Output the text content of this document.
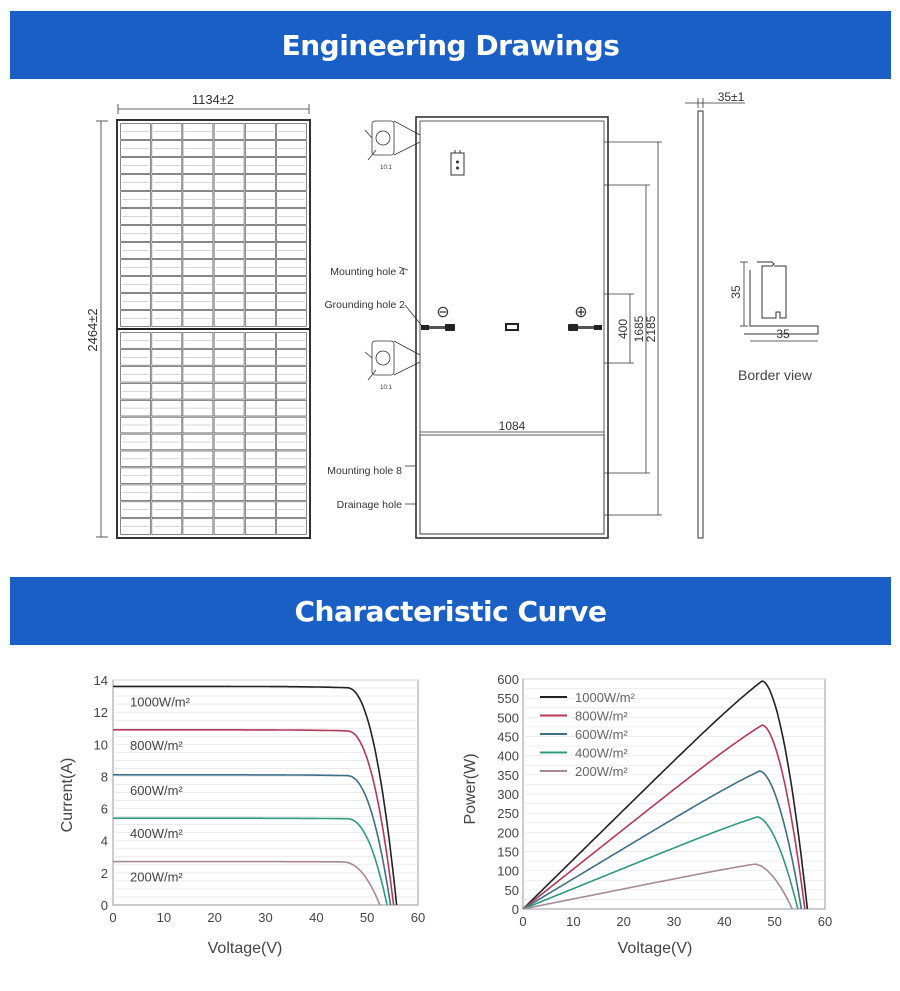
Engineering Drawings
1134±2
2464±2	⊖	⊕
1084
400 1685
2185
Mounting hole 4
Grounding hole 2
Mounting hole 8
Drainage hole
10:1
10:1
35±1
35
35
Border view
Characteristic Curve
0	10	20	30	40	50	60
0
2
4
6
8
10
12
14
1000W/m²
800W/m²
600W/m²
400W/m²
200W/m²
Voltage(V)
Current(A)
0	10	20	30	40	50	60
0
50
100
150
200
250
300
350
400
450
500
550
600
1000W/m²
800W/m²
600W/m²
400W/m²
200W/m²
Voltage(V)
Power(W)
